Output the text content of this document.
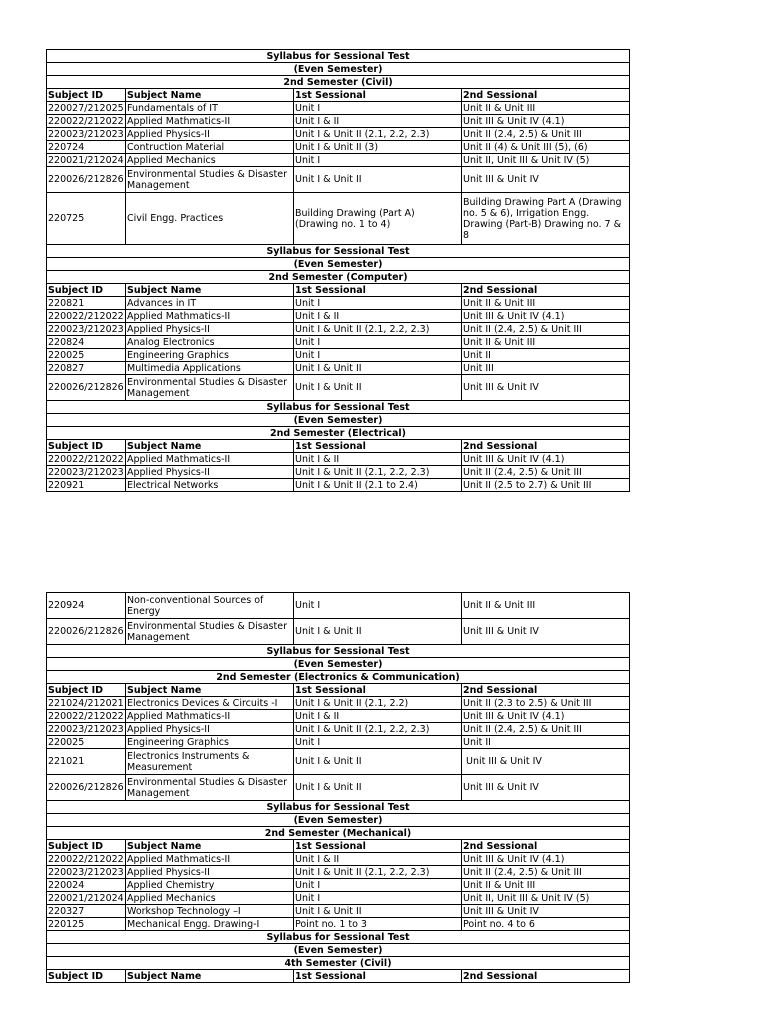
Syllabus for Sessional Test			
(Even Semester)			
2nd Semester (Civil)			
Subject ID	Subject Name	1st Sessional	2nd Sessional
220027/212025	Fundamentals of IT	Unit I	Unit II & Unit III
220022/212022	Applied Mathmatics-II	Unit I & II	Unit III & Unit IV (4.1)
220023/212023	Applied Physics-II	Unit I & Unit II (2.1, 2.2, 2.3)	Unit II (2.4, 2.5) & Unit III
220724	Contruction Material	Unit I & Unit II (3)	Unit II (4) & Unit III (5), (6)
220021/212024	Applied Mechanics	Unit I	Unit II, Unit III & Unit IV (5)
220026/212826	Environmental Studies & Disaster Management	Unit I & Unit II	Unit III & Unit IV
220725	Civil Engg. Practices	Building Drawing (Part A) (Drawing no. 1 to 4)	Building Drawing Part A (Drawing no. 5 & 6), Irrigation Engg. Drawing (Part-B) Drawing no. 7 & 8
Syllabus for Sessional Test			
(Even Semester)			
2nd Semester (Computer)			
Subject ID	Subject Name	1st Sessional	2nd Sessional
220821	Advances in IT	Unit I	Unit II & Unit III
220022/212022	Applied Mathmatics-II	Unit I & II	Unit III & Unit IV (4.1)
220023/212023	Applied Physics-II	Unit I & Unit II (2.1, 2.2, 2.3)	Unit II (2.4, 2.5) & Unit III
220824	Analog Electronics	Unit I	Unit II & Unit III
220025	Engineering Graphics	Unit I	Unit II
220827	Multimedia Applications	Unit I & Unit II	Unit III
220026/212826	Environmental Studies & Disaster Management	Unit I & Unit II	Unit III & Unit IV
Syllabus for Sessional Test			
(Even Semester)			
2nd Semester (Electrical)			
Subject ID	Subject Name	1st Sessional	2nd Sessional
220022/212022	Applied Mathmatics-II	Unit I & II	Unit III & Unit IV (4.1)
220023/212023	Applied Physics-II	Unit I & Unit II (2.1, 2.2, 2.3)	Unit II (2.4, 2.5) & Unit III
220921	Electrical Networks	Unit I & Unit II (2.1 to 2.4)	Unit II (2.5 to 2.7) & Unit III
220924	Non-conventional Sources of Energy	Unit I	Unit II & Unit III
220026/212826	Environmental Studies & Disaster Management	Unit I & Unit II	Unit III & Unit IV
Syllabus for Sessional Test			
(Even Semester)			
2nd Semester (Electronics & Communication)			
Subject ID	Subject Name	1st Sessional	2nd Sessional
221024/212021	Electronics Devices & Circuits -I	Unit I & Unit II (2.1, 2.2)	Unit II (2.3 to 2.5) & Unit III
220022/212022	Applied Mathmatics-II	Unit I & II	Unit III & Unit IV (4.1)
220023/212023	Applied Physics-II	Unit I & Unit II (2.1, 2.2, 2.3)	Unit II (2.4, 2.5) & Unit III
220025	Engineering Graphics	Unit I	Unit II
221021	Electronics Instruments & Measurement	Unit I & Unit II	Unit III & Unit IV
220026/212826	Environmental Studies & Disaster Management	Unit I & Unit II	Unit III & Unit IV
Syllabus for Sessional Test			
(Even Semester)			
2nd Semester (Mechanical)			
Subject ID	Subject Name	1st Sessional	2nd Sessional
220022/212022	Applied Mathmatics-II	Unit I & II	Unit III & Unit IV (4.1)
220023/212023	Applied Physics-II	Unit I & Unit II (2.1, 2.2, 2.3)	Unit II (2.4, 2.5) & Unit III
220024	Applied Chemistry	Unit I	Unit II & Unit III
220021/212024	Applied Mechanics	Unit I	Unit II, Unit III & Unit IV (5)
220327	Workshop Technology –I	Unit I & Unit II	Unit III & Unit IV
220125	Mechanical Engg. Drawing-I	Point no. 1 to 3	Point no. 4 to 6
Syllabus for Sessional Test			
(Even Semester)			
4th Semester (Civil)			
Subject ID	Subject Name	1st Sessional	2nd Sessional
